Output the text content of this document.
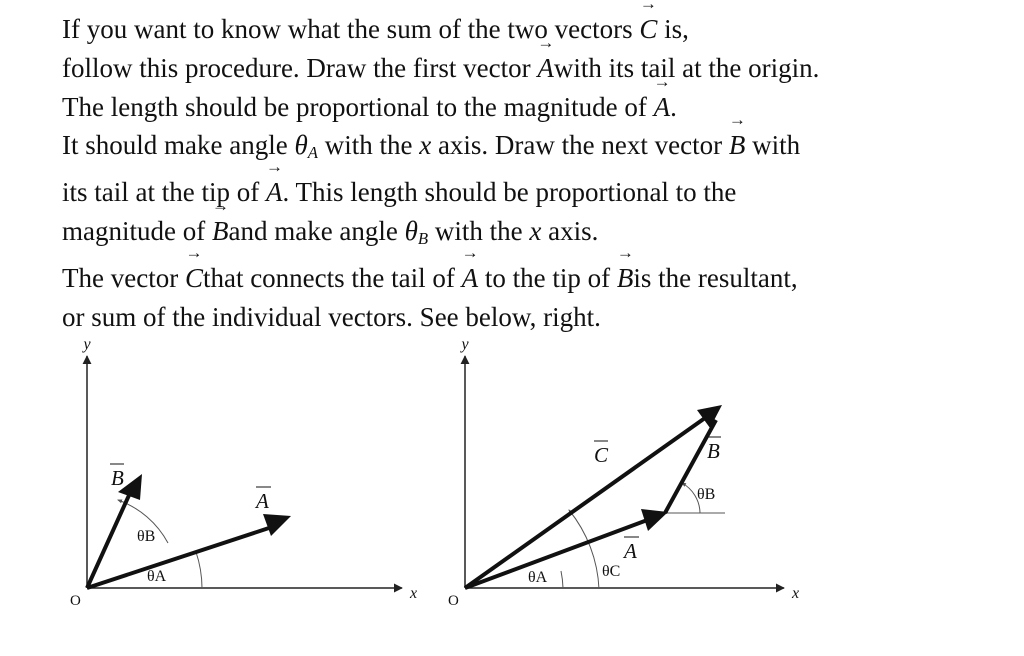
If you want to know what the sum of the two vectors → C is,
follow this procedure. Draw the first vector → Awith its tail at the origin.
The length should be proportional to the magnitude of → A.
It should make angle $\theta_A$ with the x axis. Draw the next vector → B with
its tail at the tip of → A. This length should be proportional to the
magnitude of → Band make angle $\theta_B$ with the x axis.
The vector → Cthat connects the tail of → A to the tip of → Bis the resultant,
or sum of the individual vectors. See below, right.
y
x
O
B
A
θB
θA
y
x
O
C	B
A
θB
θA	θC
